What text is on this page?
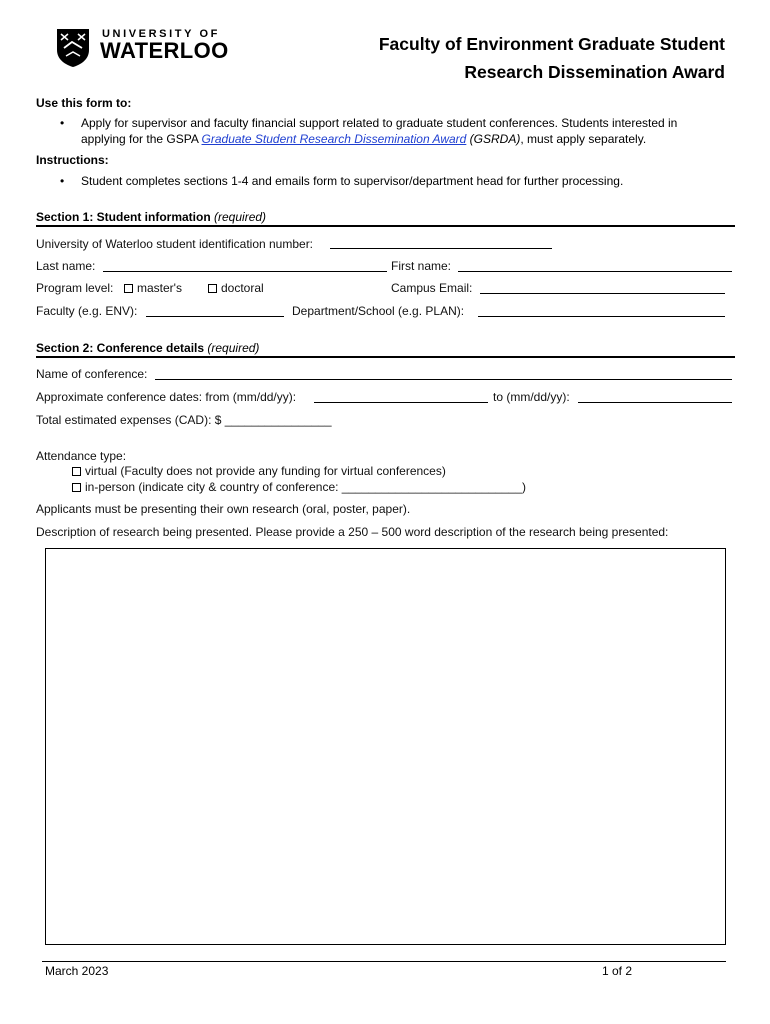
UNIVERSITY OF
WATERLOO	Faculty of Environment Graduate Student
Research Dissemination Award
Use this form to:
• Apply for supervisor and faculty financial support related to graduate student conferences. Students interested in
applying for the GSPA Graduate Student Research Dissemination Award (GSRDA), must apply separately.
Instructions:
• Student completes sections 1-4 and emails form to supervisor/department head for further processing.
Section 1: Student information (required)
University of Waterloo student identification number:
Last name:	First name:
Program level:	master's	doctoral	Campus Email:
Faculty (e.g. ENV):	Department/School (e.g. PLAN):
Section 2: Conference details (required)
Name of conference:
Approximate conference dates: from (mm/dd/yy):	to (mm/dd/yy):
Total estimated expenses (CAD): $ ________________
Attendance type:
virtual (Faculty does not provide any funding for virtual conferences)
in-person (indicate city & country of conference: ___________________________)
Applicants must be presenting their own research (oral, poster, paper).
Description of research being presented. Please provide a 250 – 500 word description of the research being presented:
March 2023	1 of 2
